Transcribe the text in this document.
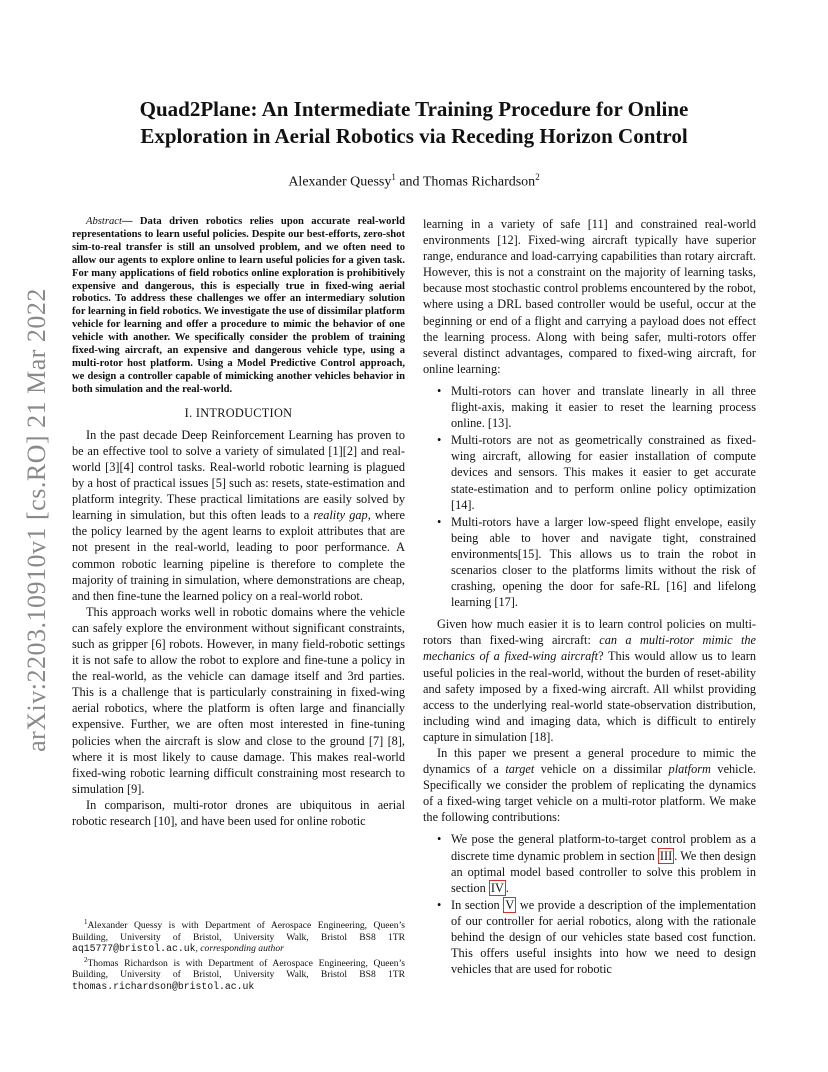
arXiv:2203.10910v1 [cs.RO] 21 Mar 2022
Quad2Plane: An Intermediate Training Procedure for Online
Exploration in Aerial Robotics via Receding Horizon Control
Alexander Quessy$^1$ and Thomas Richardson$^2$

Abstract— Data driven robotics relies upon accurate real-world representations to learn useful policies. Despite our best-efforts, zero-shot sim-to-real transfer is still an unsolved problem, and we often need to allow our agents to explore online to learn useful policies for a given task. For many applications of field robotics online exploration is prohibitively expensive and dangerous, this is especially true in fixed-wing aerial robotics. To address these challenges we offer an intermediary solution for learning in field robotics. We investigate the use of dissimilar platform vehicle for learning and offer a procedure to mimic the behavior of one vehicle with another. We specifically consider the problem of training fixed-wing aircraft, an expensive and dangerous vehicle type, using a multi-rotor host platform. Using a Model Predictive Control approach, we design a controller capable of mimicking another vehicles behavior in both simulation and the real-world.

I. INTRODUCTION

In the past decade Deep Reinforcement Learning has proven to be an effective tool to solve a variety of simulated [1][2] and real-world [3][4] control tasks. Real-world robotic learning is plagued by a host of practical issues [5] such as: resets, state-estimation and platform integrity. These practical limitations are easily solved by learning in simulation, but this often leads to a reality gap, where the policy learned by the agent learns to exploit attributes that are not present in the real-world, leading to poor performance. A common robotic learning pipeline is therefore to complete the majority of training in simulation, where demonstrations are cheap, and then fine-tune the learned policy on a real-world robot.

This approach works well in robotic domains where the vehicle can safely explore the environment without significant constraints, such as gripper [6] robots. However, in many field-robotic settings it is not safe to allow the robot to explore and fine-tune a policy in the real-world, as the vehicle can damage itself and 3rd parties. This is a challenge that is particularly constraining in fixed-wing aerial robotics, where the platform is often large and financially expensive. Further, we are often most interested in fine-tuning policies when the aircraft is slow and close to the ground [7] [8], where it is most likely to cause damage. This makes real-world fixed-wing robotic learning difficult constraining most research to simulation [9].

In comparison, multi-rotor drones are ubiquitous in aerial robotic research [10], and have been used for online robotic

$^1$Alexander Quessy is with Department of Aerospace Engineering, Queen’s Building, University of Bristol, University Walk, Bristol BS8 1TR aq15777@bristol.ac.uk, corresponding author

$^2$Thomas Richardson is with Department of Aerospace Engineering, Queen’s Building, University of Bristol, University Walk, Bristol BS8 1TR thomas.richardson@bristol.ac.uk

learning in a variety of safe [11] and constrained real-world environments [12]. Fixed-wing aircraft typically have superior range, endurance and load-carrying capabilities than rotary aircraft. However, this is not a constraint on the majority of learning tasks, because most stochastic control problems encountered by the robot, where using a DRL based controller would be useful, occur at the beginning or end of a flight and carrying a payload does not effect the learning process. Along with being safer, multi-rotors offer several distinct advantages, compared to fixed-wing aircraft, for online learning:

• Multi-rotors can hover and translate linearly in all three flight-axis, making it easier to reset the learning process online. [13].
• Multi-rotors are not as geometrically constrained as fixed-wing aircraft, allowing for easier installation of compute devices and sensors. This makes it easier to get accurate state-estimation and to perform online policy optimization [14].
• Multi-rotors have a larger low-speed flight envelope, easily being able to hover and navigate tight, constrained environments[15]. This allows us to train the robot in scenarios closer to the platforms limits without the risk of crashing, opening the door for safe-RL [16] and lifelong learning [17].

Given how much easier it is to learn control policies on multi-rotors than fixed-wing aircraft: can a multi-rotor mimic the mechanics of a fixed-wing aircraft? This would allow us to learn useful policies in the real-world, without the burden of reset-ability and safety imposed by a fixed-wing aircraft. All whilst providing access to the underlying real-world state-observation distribution, including wind and imaging data, which is difficult to entirely capture in simulation [18].

In this paper we present a general procedure to mimic the dynamics of a target vehicle on a dissimilar platform vehicle. Specifically we consider the problem of replicating the dynamics of a fixed-wing target vehicle on a multi-rotor platform. We make the following contributions:

• We pose the general platform-to-target control problem as a discrete time dynamic problem in section III . We then design an optimal model based controller to solve this problem in section IV .
• In section V we provide a description of the implementation of our controller for aerial robotics, along with the rationale behind the design of our vehicles state based cost function. This offers useful insights into how we need to design vehicles that are used for robotic
